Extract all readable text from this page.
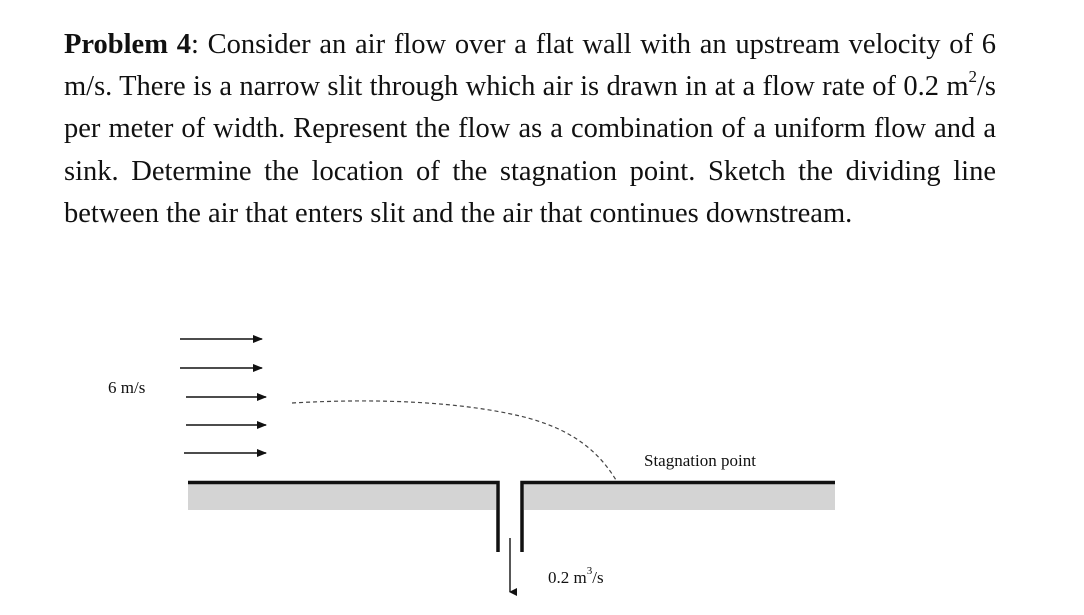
Problem 4: Consider an air flow over a flat wall with an upstream velocity of 6 m/s. There is a narrow slit through which air is drawn in at a flow rate of 0.2 $m^2/s$ per meter of width. Represent the flow as a combination of a uniform flow and a sink. Determine the location of the stagnation point. Sketch the dividing line between the air that enters slit and the air that continues downstream.
6 m/s
Stagnation point
0.2 $m^3/s$
